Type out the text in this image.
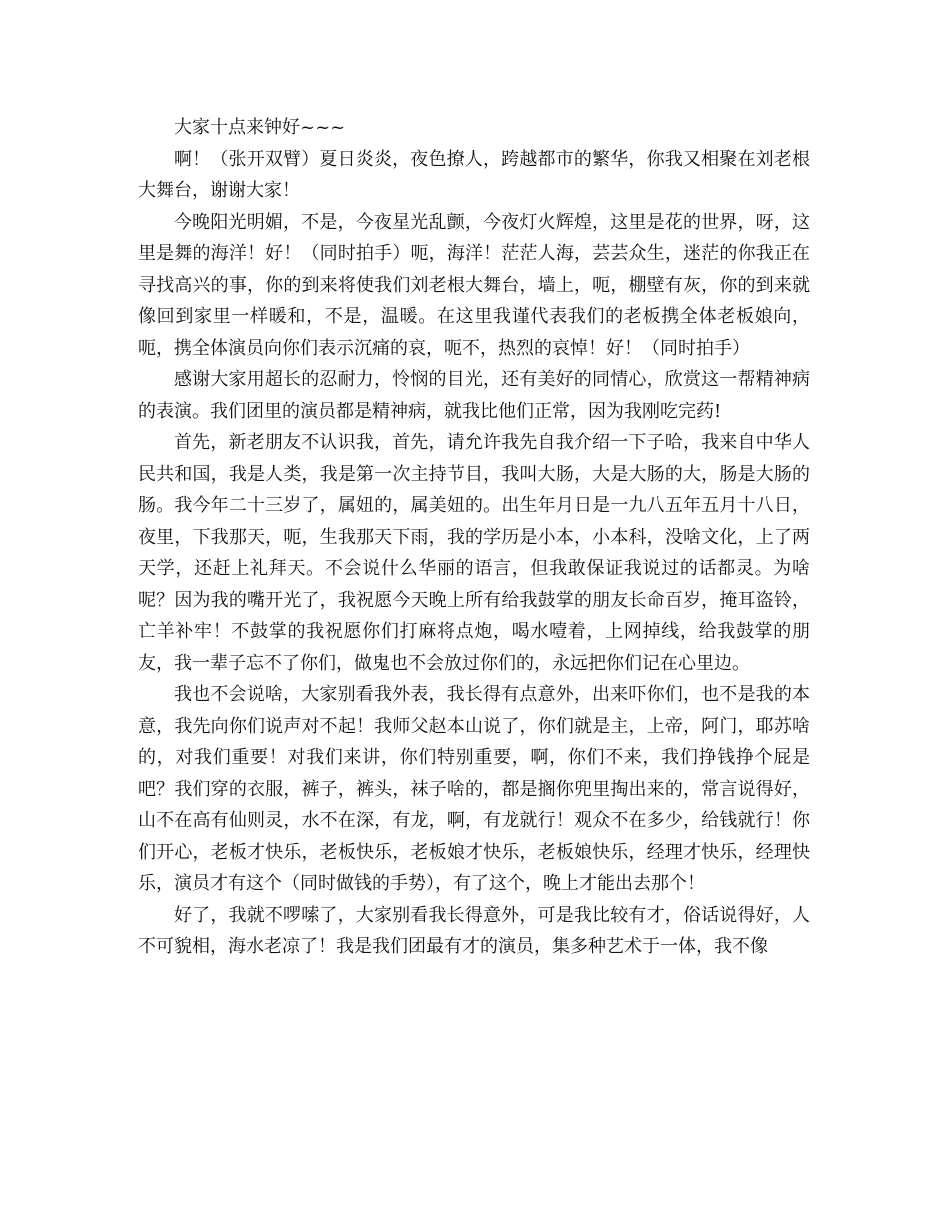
大家十点来钟好~~~

啊！（张开双臂）夏日炎炎，夜色撩人，跨越都市的繁华，你我又相聚在刘老根大舞台，谢谢大家！

今晚阳光明媚，不是，今夜星光乱颤，今夜灯火辉煌，这里是花的世界，呀，这里是舞的海洋！好！（同时拍手）呃，海洋！茫茫人海，芸芸众生，迷茫的你我正在寻找高兴的事，你的到来将使我们刘老根大舞台，墙上，呃，棚壁有灰，你的到来就像回到家里一样暖和，不是，温暖。在这里我谨代表我们的老板携全体老板娘向，呃，携全体演员向你们表示沉痛的哀，呃不，热烈的哀悼！好！（同时拍手）

感谢大家用超长的忍耐力，怜悯的目光，还有美好的同情心，欣赏这一帮精神病的表演。我们团里的演员都是精神病，就我比他们正常，因为我刚吃完药!

首先，新老朋友不认识我，首先，请允许我先自我介绍一下子哈，我来自中华人民共和国，我是人类，我是第一次主持节目，我叫大肠，大是大肠的大，肠是大肠的肠。我今年二十三岁了，属妞的，属美妞的。出生年月日是一九八五年五月十八日，夜里，下我那天，呃，生我那天下雨，我的学历是小本，小本科，没啥文化，上了两天学，还赶上礼拜天。不会说什么华丽的语言，但我敢保证我说过的话都灵。为啥呢？因为我的嘴开光了，我祝愿今天晚上所有给我鼓掌的朋友长命百岁，掩耳盗铃，亡羊补牢！不鼓掌的我祝愿你们打麻将点炮，喝水噎着，上网掉线，给我鼓掌的朋友，我一辈子忘不了你们，做鬼也不会放过你们的，永远把你们记在心里边。

我也不会说啥，大家别看我外表，我长得有点意外，出来吓你们，也不是我的本意，我先向你们说声对不起！我师父赵本山说了，你们就是主，上帝，阿门，耶苏啥的，对我们重要！对我们来讲，你们特别重要，啊，你们不来，我们挣钱挣个屁是吧？我们穿的衣服，裤子，裤头，袜子啥的，都是搁你兜里掏出来的，常言说得好，山不在高有仙则灵，水不在深，有龙，啊，有龙就行！观众不在多少，给钱就行！你们开心，老板才快乐，老板快乐，老板娘才快乐，老板娘快乐，经理才快乐，经理快乐，演员才有这个（同时做钱的手势），有了这个，晚上才能出去那个！

好了，我就不啰嗦了，大家别看我长得意外，可是我比较有才，俗话说得好，人不可貌相，海水老凉了！我是我们团最有才的演员，集多种艺术于一体，我不像
